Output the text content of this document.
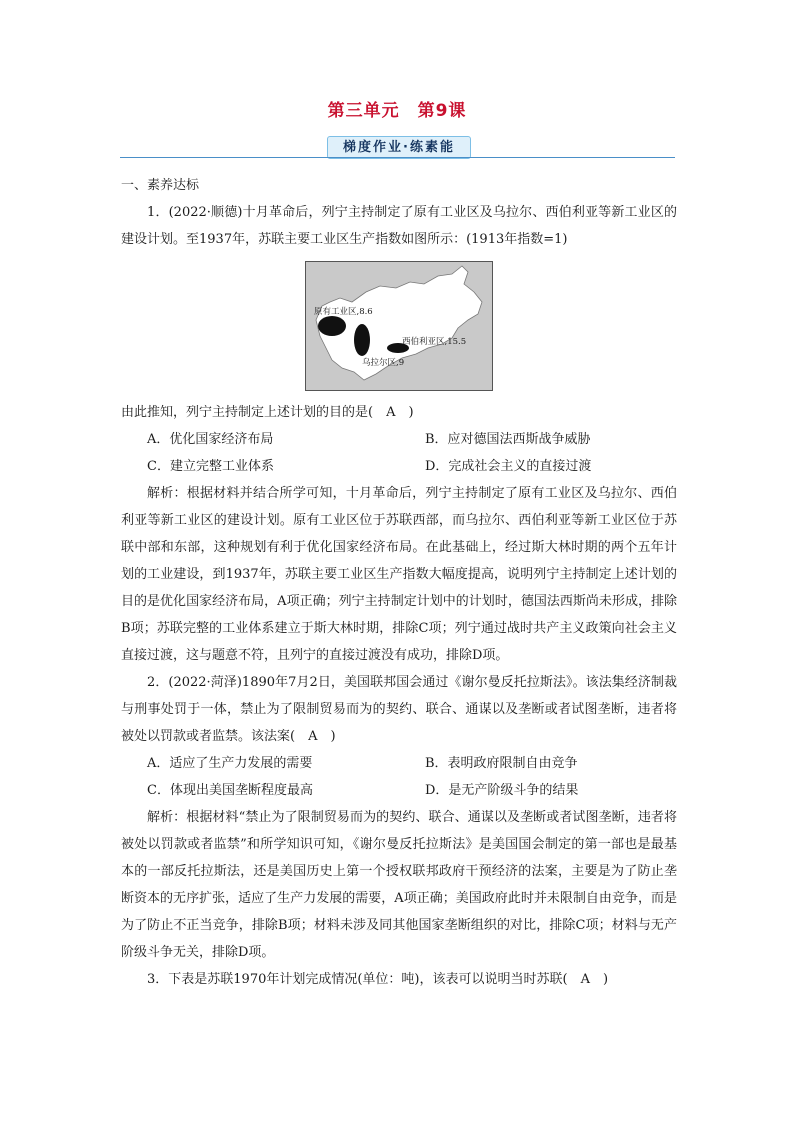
第三单元　第9课
梯度作业·练素能

一、素养达标

1．(2022·顺德)十月革命后，列宁主持制定了原有工业区及乌拉尔、西伯利亚等新工业区的建设计划。至1937年，苏联主要工业区生产指数如图所示：(1913年指数=1)

原有工业区,8.6
西伯利亚区,15.5
乌拉尔区,9

由此推知，列宁主持制定上述计划的目的是(　A　)

A．优化国家经济布局	B．应对德国法西斯战争威胁
C．建立完整工业体系	D．完成社会主义的直接过渡

解析：根据材料并结合所学可知，十月革命后，列宁主持制定了原有工业区及乌拉尔、西伯利亚等新工业区的建设计划。原有工业区位于苏联西部，而乌拉尔、西伯利亚等新工业区位于苏联中部和东部，这种规划有利于优化国家经济布局。在此基础上，经过斯大林时期的两个五年计划的工业建设，到1937年，苏联主要工业区生产指数大幅度提高，说明列宁主持制定上述计划的目的是优化国家经济布局，A项正确；列宁主持制定计划中的计划时，德国法西斯尚未形成，排除B项；苏联完整的工业体系建立于斯大林时期，排除C项；列宁通过战时共产主义政策向社会主义直接过渡，这与题意不符，且列宁的直接过渡没有成功，排除D项。

2．(2022·菏泽)1890年7月2日，美国联邦国会通过《谢尔曼反托拉斯法》。该法集经济制裁与刑事处罚于一体，禁止为了限制贸易而为的契约、联合、通谋以及垄断或者试图垄断，违者将被处以罚款或者监禁。该法案(　A　)

A．适应了生产力发展的需要	B．表明政府限制自由竞争
C．体现出美国垄断程度最高	D．是无产阶级斗争的结果

解析：根据材料“禁止为了限制贸易而为的契约、联合、通谋以及垄断或者试图垄断，违者将被处以罚款或者监禁”和所学知识可知，《谢尔曼反托拉斯法》是美国国会制定的第一部也是最基本的一部反托拉斯法，还是美国历史上第一个授权联邦政府干预经济的法案，主要是为了防止垄断资本的无序扩张，适应了生产力发展的需要，A项正确；美国政府此时并未限制自由竞争，而是为了防止不正当竞争，排除B项；材料未涉及同其他国家垄断组织的对比，排除C项；材料与无产阶级斗争无关，排除D项。

3．下表是苏联1970年计划完成情况(单位：吨)，该表可以说明当时苏联(　A　)
